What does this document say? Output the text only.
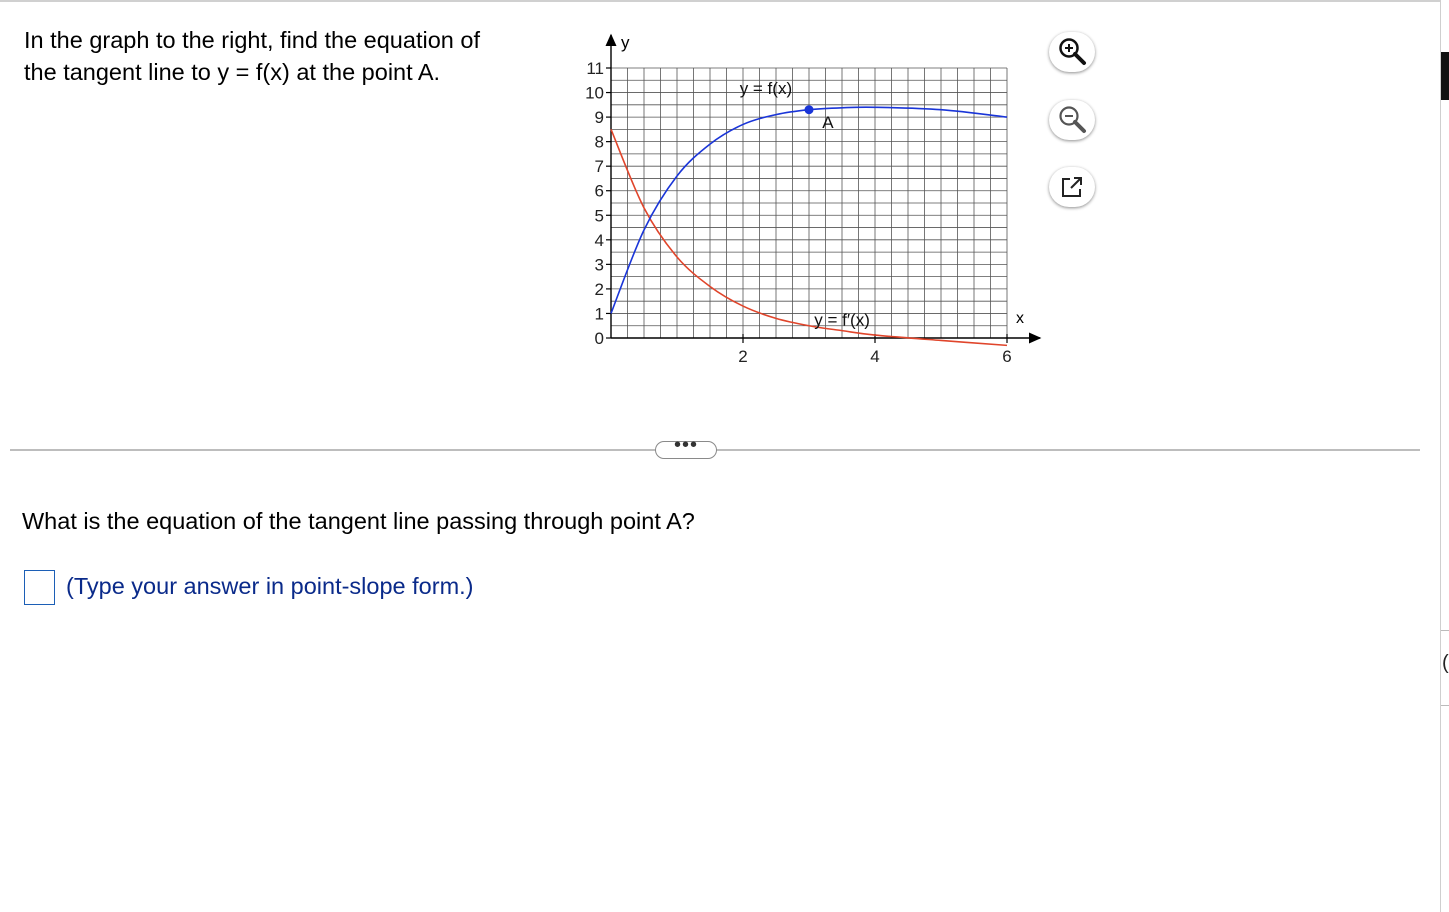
In the graph to the right, find the equation of
the tangent line to y = f(x) at the point A.
0
1
2
3
4
5
6
7
8
9
10
11
2	4	6
y
x
y = f(x)
A
y = f′(x)
•••
What is the equation of the tangent line passing through point A?
(Type your answer in point-slope form.)
(
